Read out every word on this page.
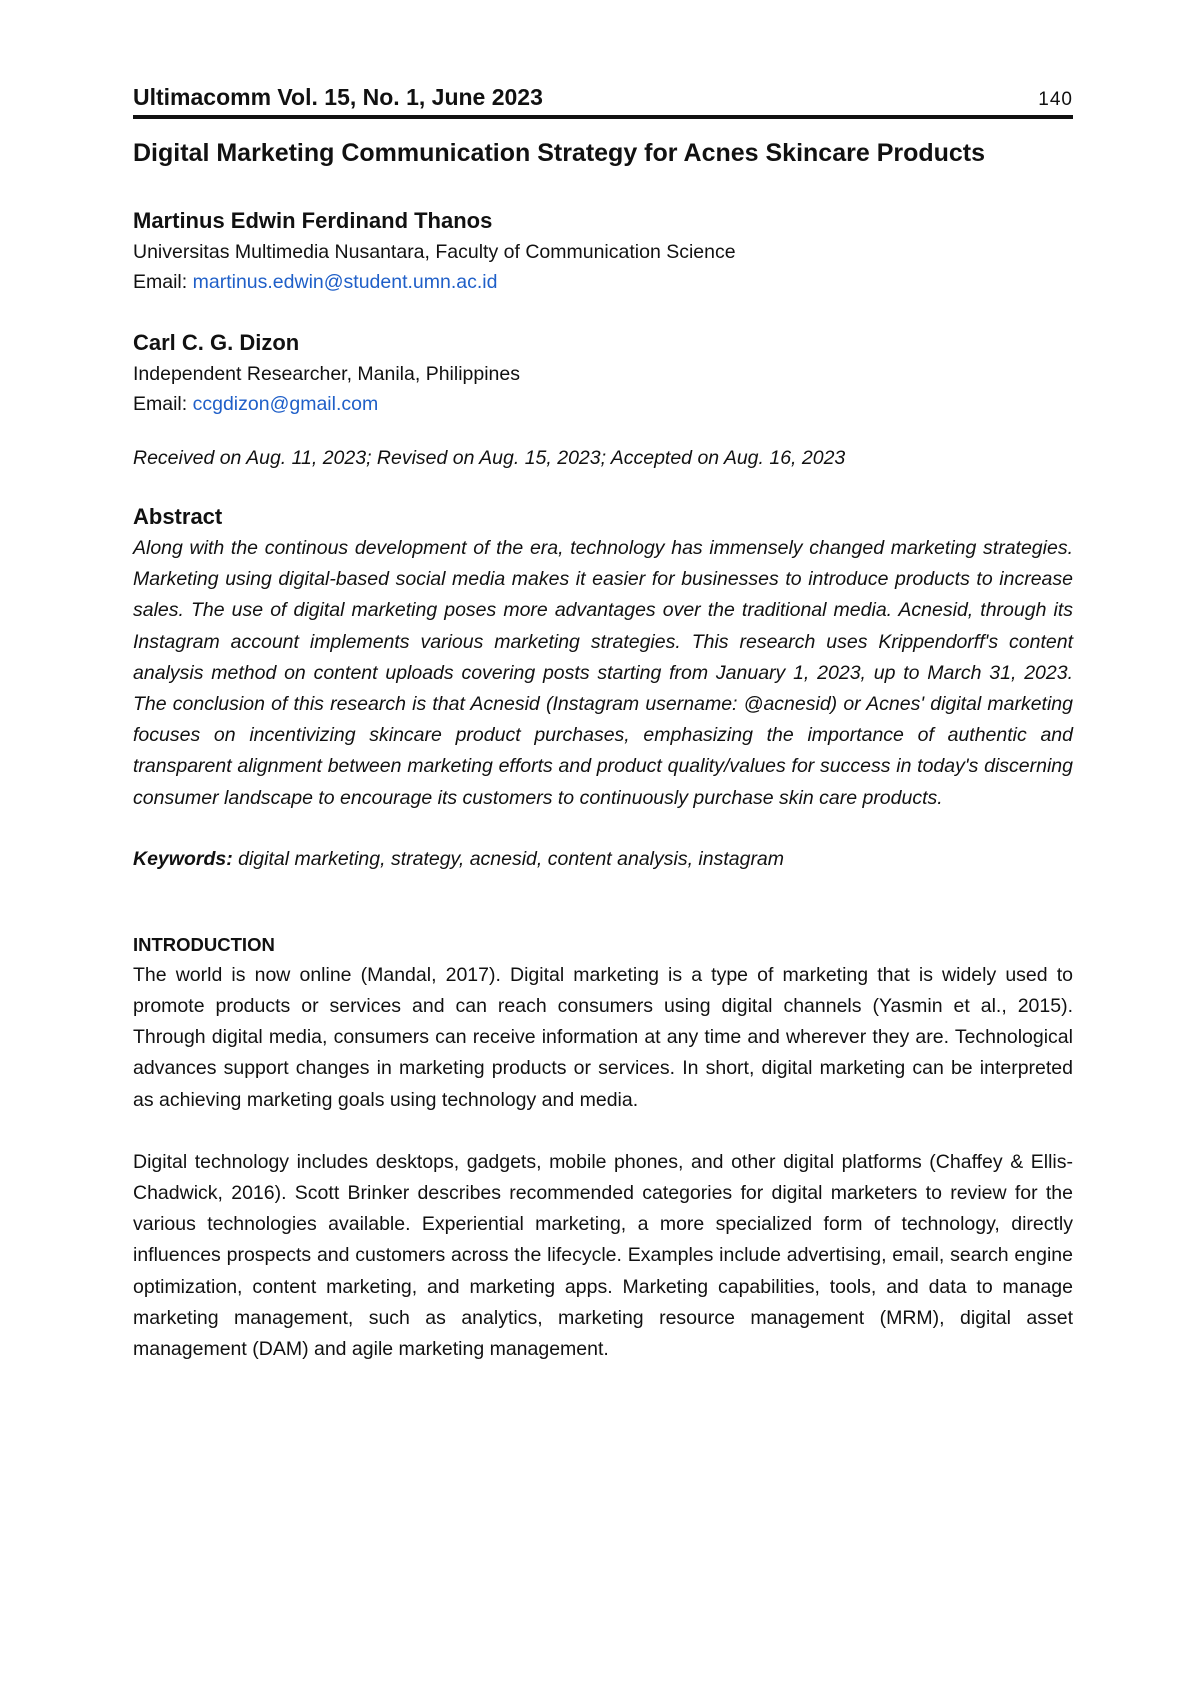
Ultimacomm Vol. 15, No. 1, June 2023	140
Digital Marketing Communication Strategy for Acnes Skincare Products
Martinus Edwin Ferdinand Thanos
Universitas Multimedia Nusantara, Faculty of Communication Science
Email: martinus.edwin@student.umn.ac.id
Carl C. G. Dizon
Independent Researcher, Manila, Philippines
Email: ccgdizon@gmail.com
Received on Aug. 11, 2023; Revised on Aug. 15, 2023; Accepted on Aug. 16, 2023
Abstract

Along with the continous development of the era, technology has immensely changed marketing strategies. Marketing using digital-based social media makes it easier for businesses to introduce products to increase sales. The use of digital marketing poses more advantages over the traditional media. Acnesid, through its Instagram account implements various marketing strategies. This research uses Krippendorff's content analysis method on content uploads covering posts starting from January 1, 2023, up to March 31, 2023. The conclusion of this research is that Acnesid (Instagram username: @acnesid) or Acnes' digital marketing focuses on incentivizing skincare product purchases, emphasizing the importance of authentic and transparent alignment between marketing efforts and product quality/values for success in today's discerning consumer landscape to encourage its customers to continuously purchase skin care products.

Keywords: digital marketing, strategy, acnesid, content analysis, instagram
INTRODUCTION

The world is now online (Mandal, 2017). Digital marketing is a type of marketing that is widely used to promote products or services and can reach consumers using digital channels (Yasmin et al., 2015). Through digital media, consumers can receive information at any time and wherever they are. Technological advances support changes in marketing products or services. In short, digital marketing can be interpreted as achieving marketing goals using technology and media.

Digital technology includes desktops, gadgets, mobile phones, and other digital platforms (Chaffey & Ellis-Chadwick, 2016). Scott Brinker describes recommended categories for digital marketers to review for the various technologies available. Experiential marketing, a more specialized form of technology, directly influences prospects and customers across the lifecycle. Examples include advertising, email, search engine optimization, content marketing, and marketing apps. Marketing capabilities, tools, and data to manage marketing management, such as analytics, marketing resource management (MRM), digital asset management (DAM) and agile marketing management.
